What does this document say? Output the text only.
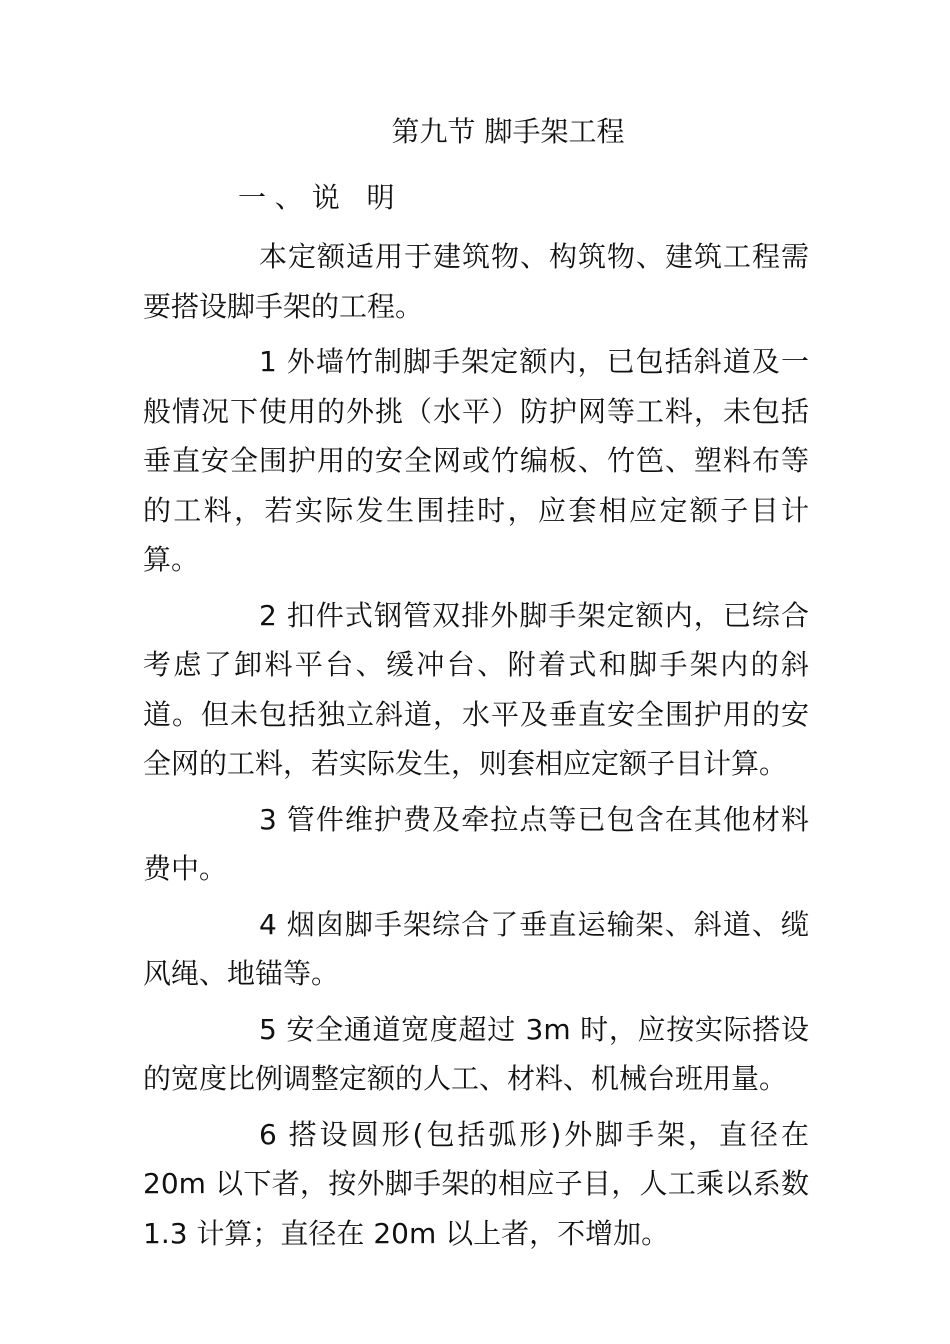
第九节 脚手架工程
一 、 说   明

本定额适用于建筑物、构筑物、建筑工程需要搭设脚手架的工程。

1 外墙竹制脚手架定额内，已包括斜道及一般情况下使用的外挑（水平）防护网等工料，未包括垂直安全围护用的安全网或竹编板、竹笆、塑料布等的工料，若实际发生围挂时，应套相应定额子目计算。

2 扣件式钢管双排外脚手架定额内，已综合考虑了卸料平台、缓冲台、附着式和脚手架内的斜道。但未包括独立斜道，水平及垂直安全围护用的安全网的工料，若实际发生，则套相应定额子目计算。

3 管件维护费及牵拉点等已包含在其他材料费中。

4 烟囱脚手架综合了垂直运输架、斜道、缆风绳、地锚等。

5 安全通道宽度超过 3m 时，应按实际搭设的宽度比例调整定额的人工、材料、机械台班用量。

6 搭设圆形(包括弧形)外脚手架，直径在 20m 以下者，按外脚手架的相应子目，人工乘以系数 1.3 计算；直径在 20m 以上者，不增加。
